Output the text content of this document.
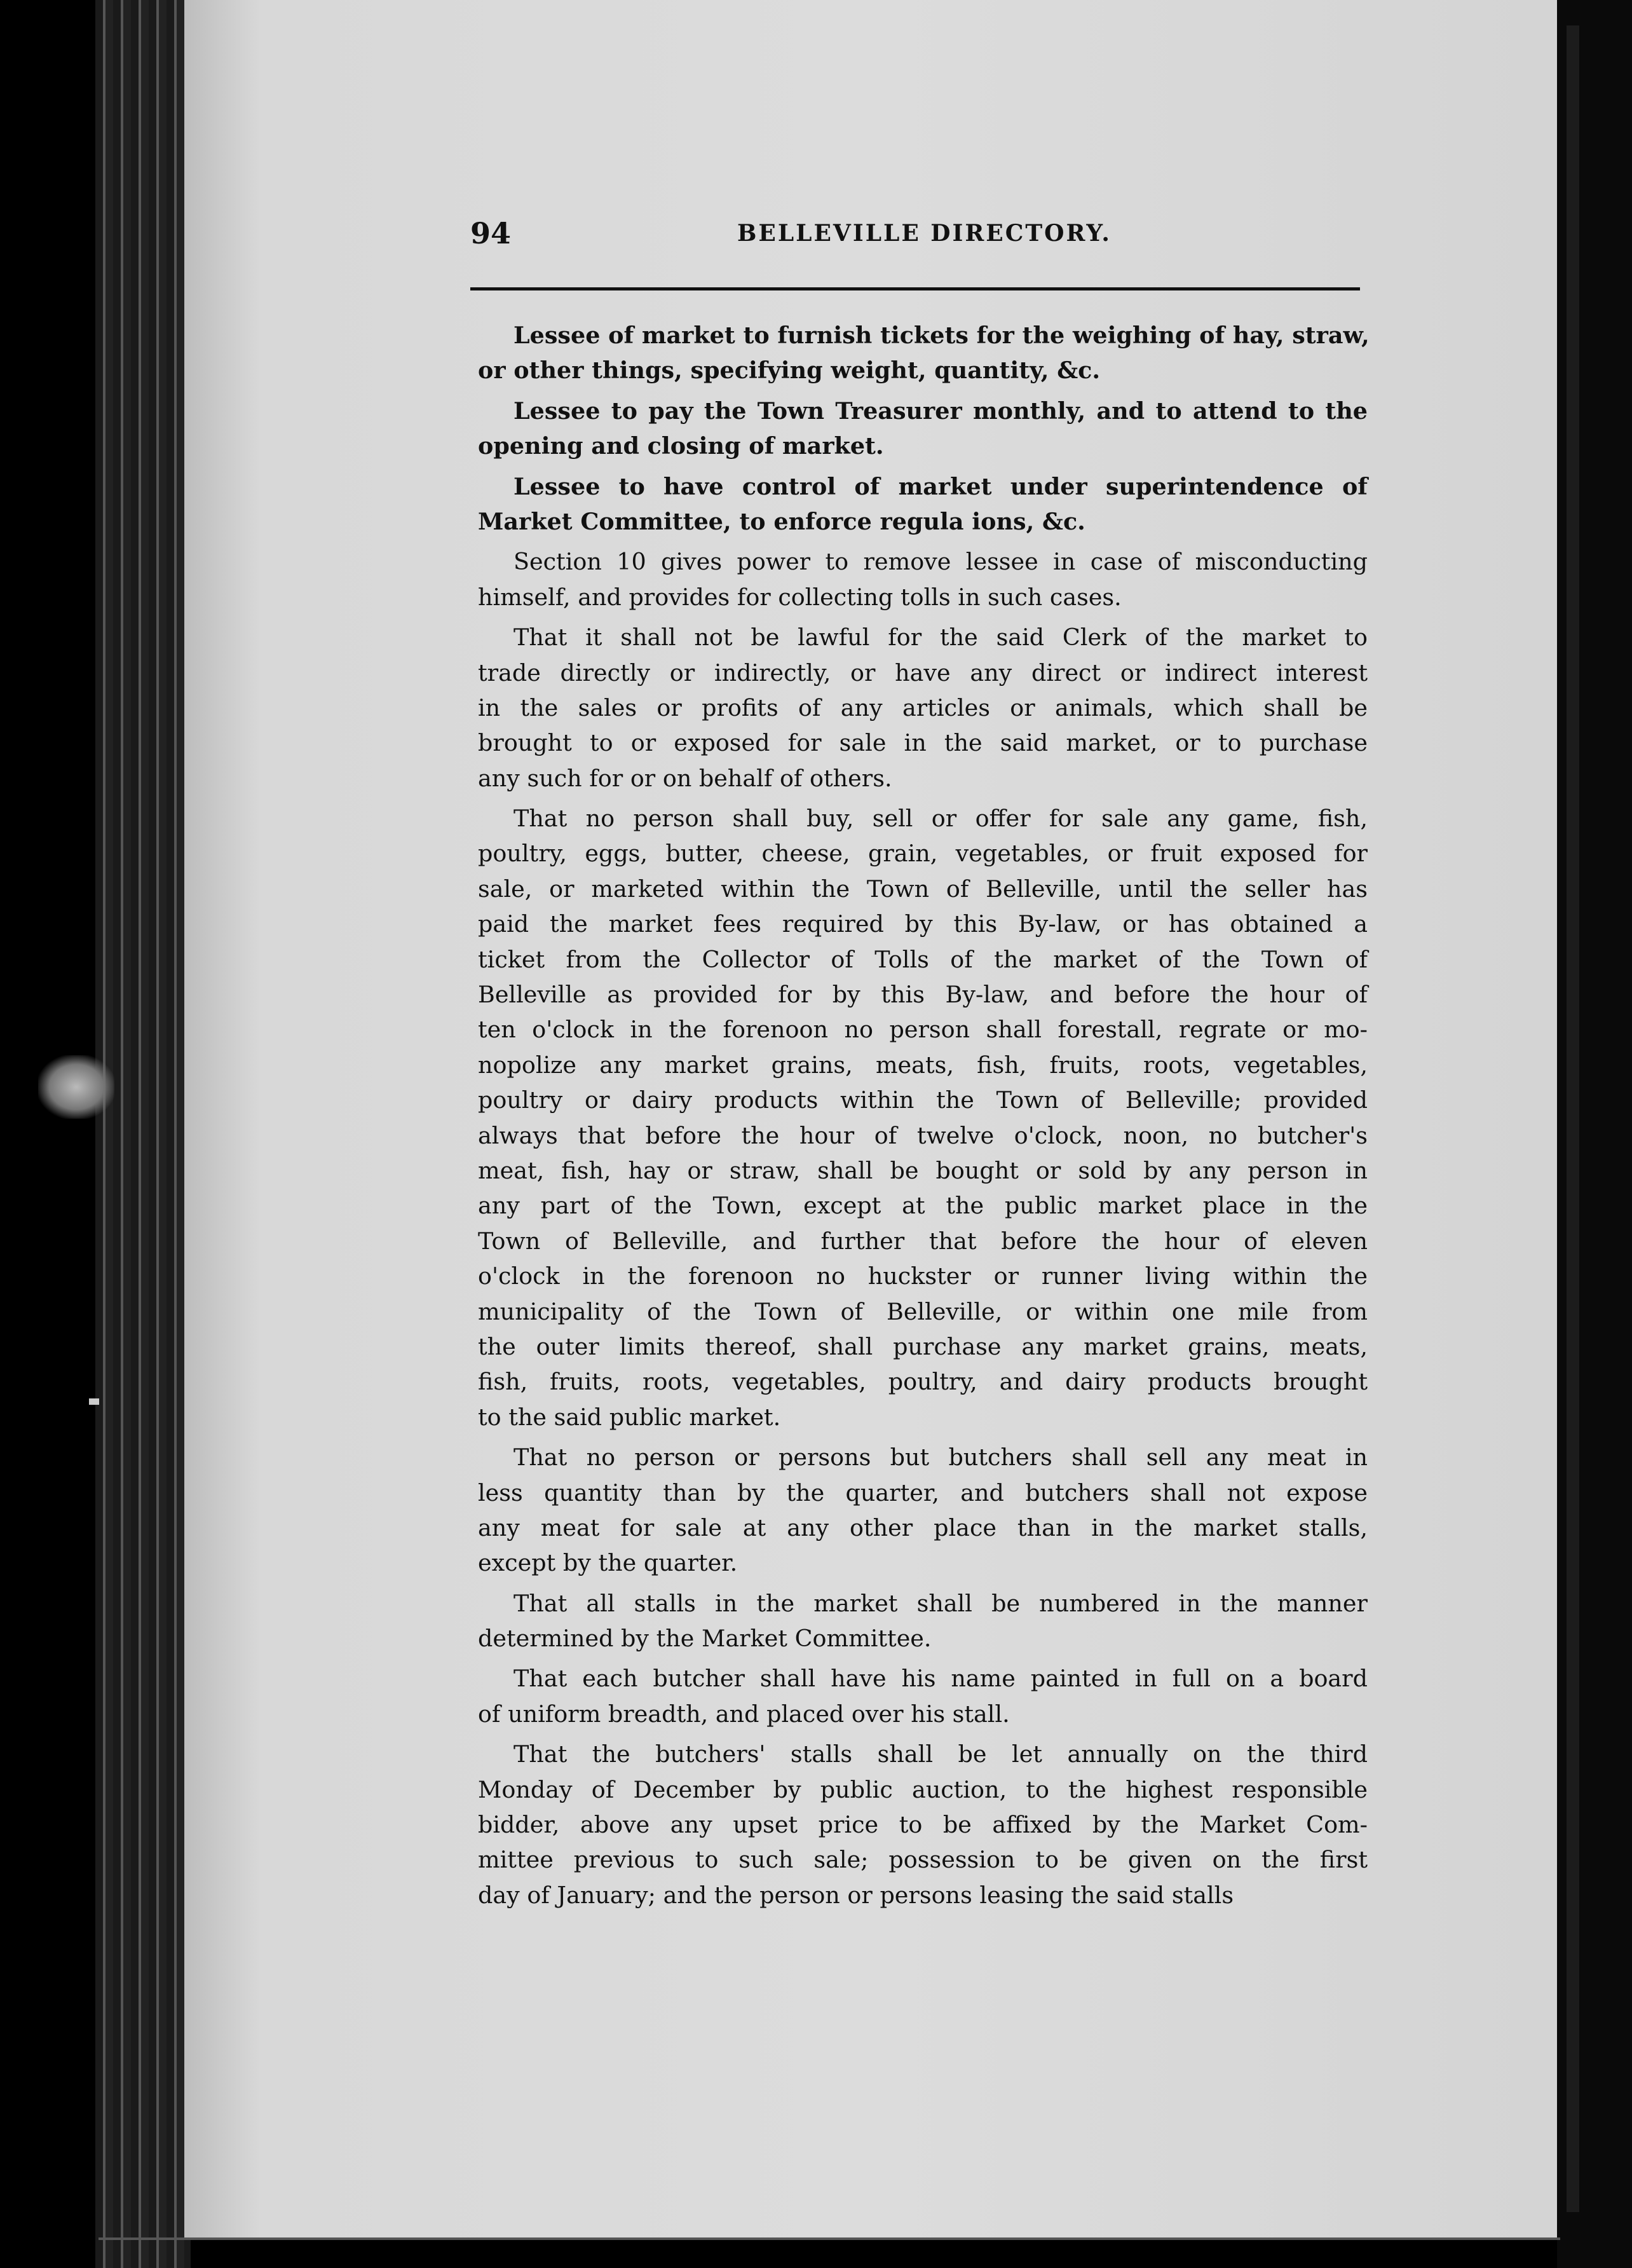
94	BELLEVILLE DIRECTORY.
Lessee of market to furnish tickets for the weighing of hay, straw,
or other things, specifying weight, quantity, &c.
Lessee to pay the Town Treasurer monthly, and to attend to the
opening and closing of market.
Lessee to have control of market under superintendence of
Market Committee, to enforce regula ions, &c.
Section 10 gives power to remove lessee in case of misconducting
himself, and provides for collecting tolls in such cases.
That it shall not be lawful for the said Clerk of the market to
trade directly or indirectly, or have any direct or indirect interest
in the sales or profits of any articles or animals, which shall be
brought to or exposed for sale in the said market, or to purchase
any such for or on behalf of others.
That no person shall buy, sell or offer for sale any game, fish,
poultry, eggs, butter, cheese, grain, vegetables, or fruit exposed for
sale, or marketed within the Town of Belleville, until the seller has
paid the market fees required by this By-law, or has obtained a
ticket from the Collector of Tolls of the market of the Town of
Belleville as provided for by this By-law, and before the hour of
ten o'clock in the forenoon no person shall forestall, regrate or mo-
nopolize any market grains, meats, fish, fruits, roots, vegetables,
poultry or dairy products within the Town of Belleville; provided
always that before the hour of twelve o'clock, noon, no butcher's
meat, fish, hay or straw, shall be bought or sold by any person in
any part of the Town, except at the public market place in the
Town of Belleville, and further that before the hour of eleven
o'clock in the forenoon no huckster or runner living within the
municipality of the Town of Belleville, or within one mile from
the outer limits thereof, shall purchase any market grains, meats,
fish, fruits, roots, vegetables, poultry, and dairy products brought
to the said public market.
That no person or persons but butchers shall sell any meat in
less quantity than by the quarter, and butchers shall not expose
any meat for sale at any other place than in the market stalls,
except by the quarter.
That all stalls in the market shall be numbered in the manner
determined by the Market Committee.
That each butcher shall have his name painted in full on a board
of uniform breadth, and placed over his stall.
That the butchers' stalls shall be let annually on the third
Monday of December by public auction, to the highest responsible
bidder, above any upset price to be affixed by the Market Com-
mittee previous to such sale; possession to be given on the first
day of January; and the person or persons leasing the said stalls
